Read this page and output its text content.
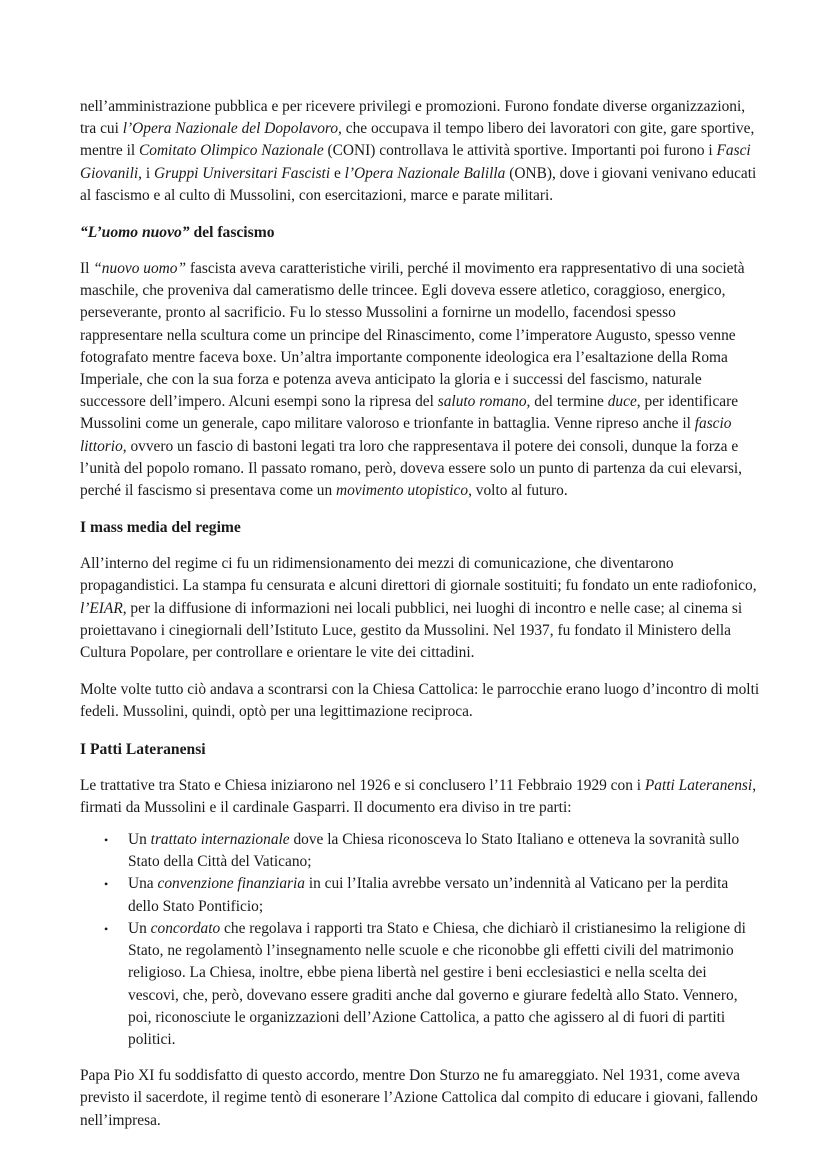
nell’amministrazione pubblica e per ricevere privilegi e promozioni. Furono fondate diverse organizzazioni, tra cui l’Opera Nazionale del Dopolavoro, che occupava il tempo libero dei lavoratori con gite, gare sportive, mentre il Comitato Olimpico Nazionale (CONI) controllava le attività sportive. Importanti poi furono i Fasci Giovanili, i Gruppi Universitari Fascisti e l’Opera Nazionale Balilla (ONB), dove i giovani venivano educati al fascismo e al culto di Mussolini, con esercitazioni, marce e parate militari.

“L’uomo nuovo” del fascismo

Il “nuovo uomo” fascista aveva caratteristiche virili, perché il movimento era rappresentativo di una società maschile, che proveniva dal cameratismo delle trincee. Egli doveva essere atletico, coraggioso, energico, perseverante, pronto al sacrificio. Fu lo stesso Mussolini a fornirne un modello, facendosi spesso rappresentare nella scultura come un principe del Rinascimento, come l’imperatore Augusto, spesso venne fotografato mentre faceva boxe. Un’altra importante componente ideologica era l’esaltazione della Roma Imperiale, che con la sua forza e potenza aveva anticipato la gloria e i successi del fascismo, naturale successore dell’impero. Alcuni esempi sono la ripresa del saluto romano, del termine duce, per identificare Mussolini come un generale, capo militare valoroso e trionfante in battaglia. Venne ripreso anche il fascio littorio, ovvero un fascio di bastoni legati tra loro che rappresentava il potere dei consoli, dunque la forza e l’unità del popolo romano. Il passato romano, però, doveva essere solo un punto di partenza da cui elevarsi, perché il fascismo si presentava come un movimento utopistico, volto al futuro.

I mass media del regime

All’interno del regime ci fu un ridimensionamento dei mezzi di comunicazione, che diventarono propagandistici. La stampa fu censurata e alcuni direttori di giornale sostituiti; fu fondato un ente radiofonico, l’EIAR, per la diffusione di informazioni nei locali pubblici, nei luoghi di incontro e nelle case; al cinema si proiettavano i cinegiornali dell’Istituto Luce, gestito da Mussolini. Nel 1937, fu fondato il Ministero della Cultura Popolare, per controllare e orientare le vite dei cittadini.

Molte volte tutto ciò andava a scontrarsi con la Chiesa Cattolica: le parrocchie erano luogo d’incontro di molti fedeli. Mussolini, quindi, optò per una legittimazione reciproca.

I Patti Lateranensi

Le trattative tra Stato e Chiesa iniziarono nel 1926 e si conclusero l’11 Febbraio 1929 con i Patti Lateranensi, firmati da Mussolini e il cardinale Gasparri. Il documento era diviso in tre parti:

• Un trattato internazionale dove la Chiesa riconosceva lo Stato Italiano e otteneva la sovranità sullo Stato della Città del Vaticano;
• Una convenzione finanziaria in cui l’Italia avrebbe versato un’indennità al Vaticano per la perdita dello Stato Pontificio;
• Un concordato che regolava i rapporti tra Stato e Chiesa, che dichiarò il cristianesimo la religione di Stato, ne regolamentò l’insegnamento nelle scuole e che riconobbe gli effetti civili del matrimonio religioso. La Chiesa, inoltre, ebbe piena libertà nel gestire i beni ecclesiastici e nella scelta dei vescovi, che, però, dovevano essere graditi anche dal governo e giurare fedeltà allo Stato. Vennero, poi, riconosciute le organizzazioni dell’Azione Cattolica, a patto che agissero al di fuori di partiti politici.

Papa Pio XI fu soddisfatto di questo accordo, mentre Don Sturzo ne fu amareggiato. Nel 1931, come aveva previsto il sacerdote, il regime tentò di esonerare l’Azione Cattolica dal compito di educare i giovani, fallendo nell’impresa.
